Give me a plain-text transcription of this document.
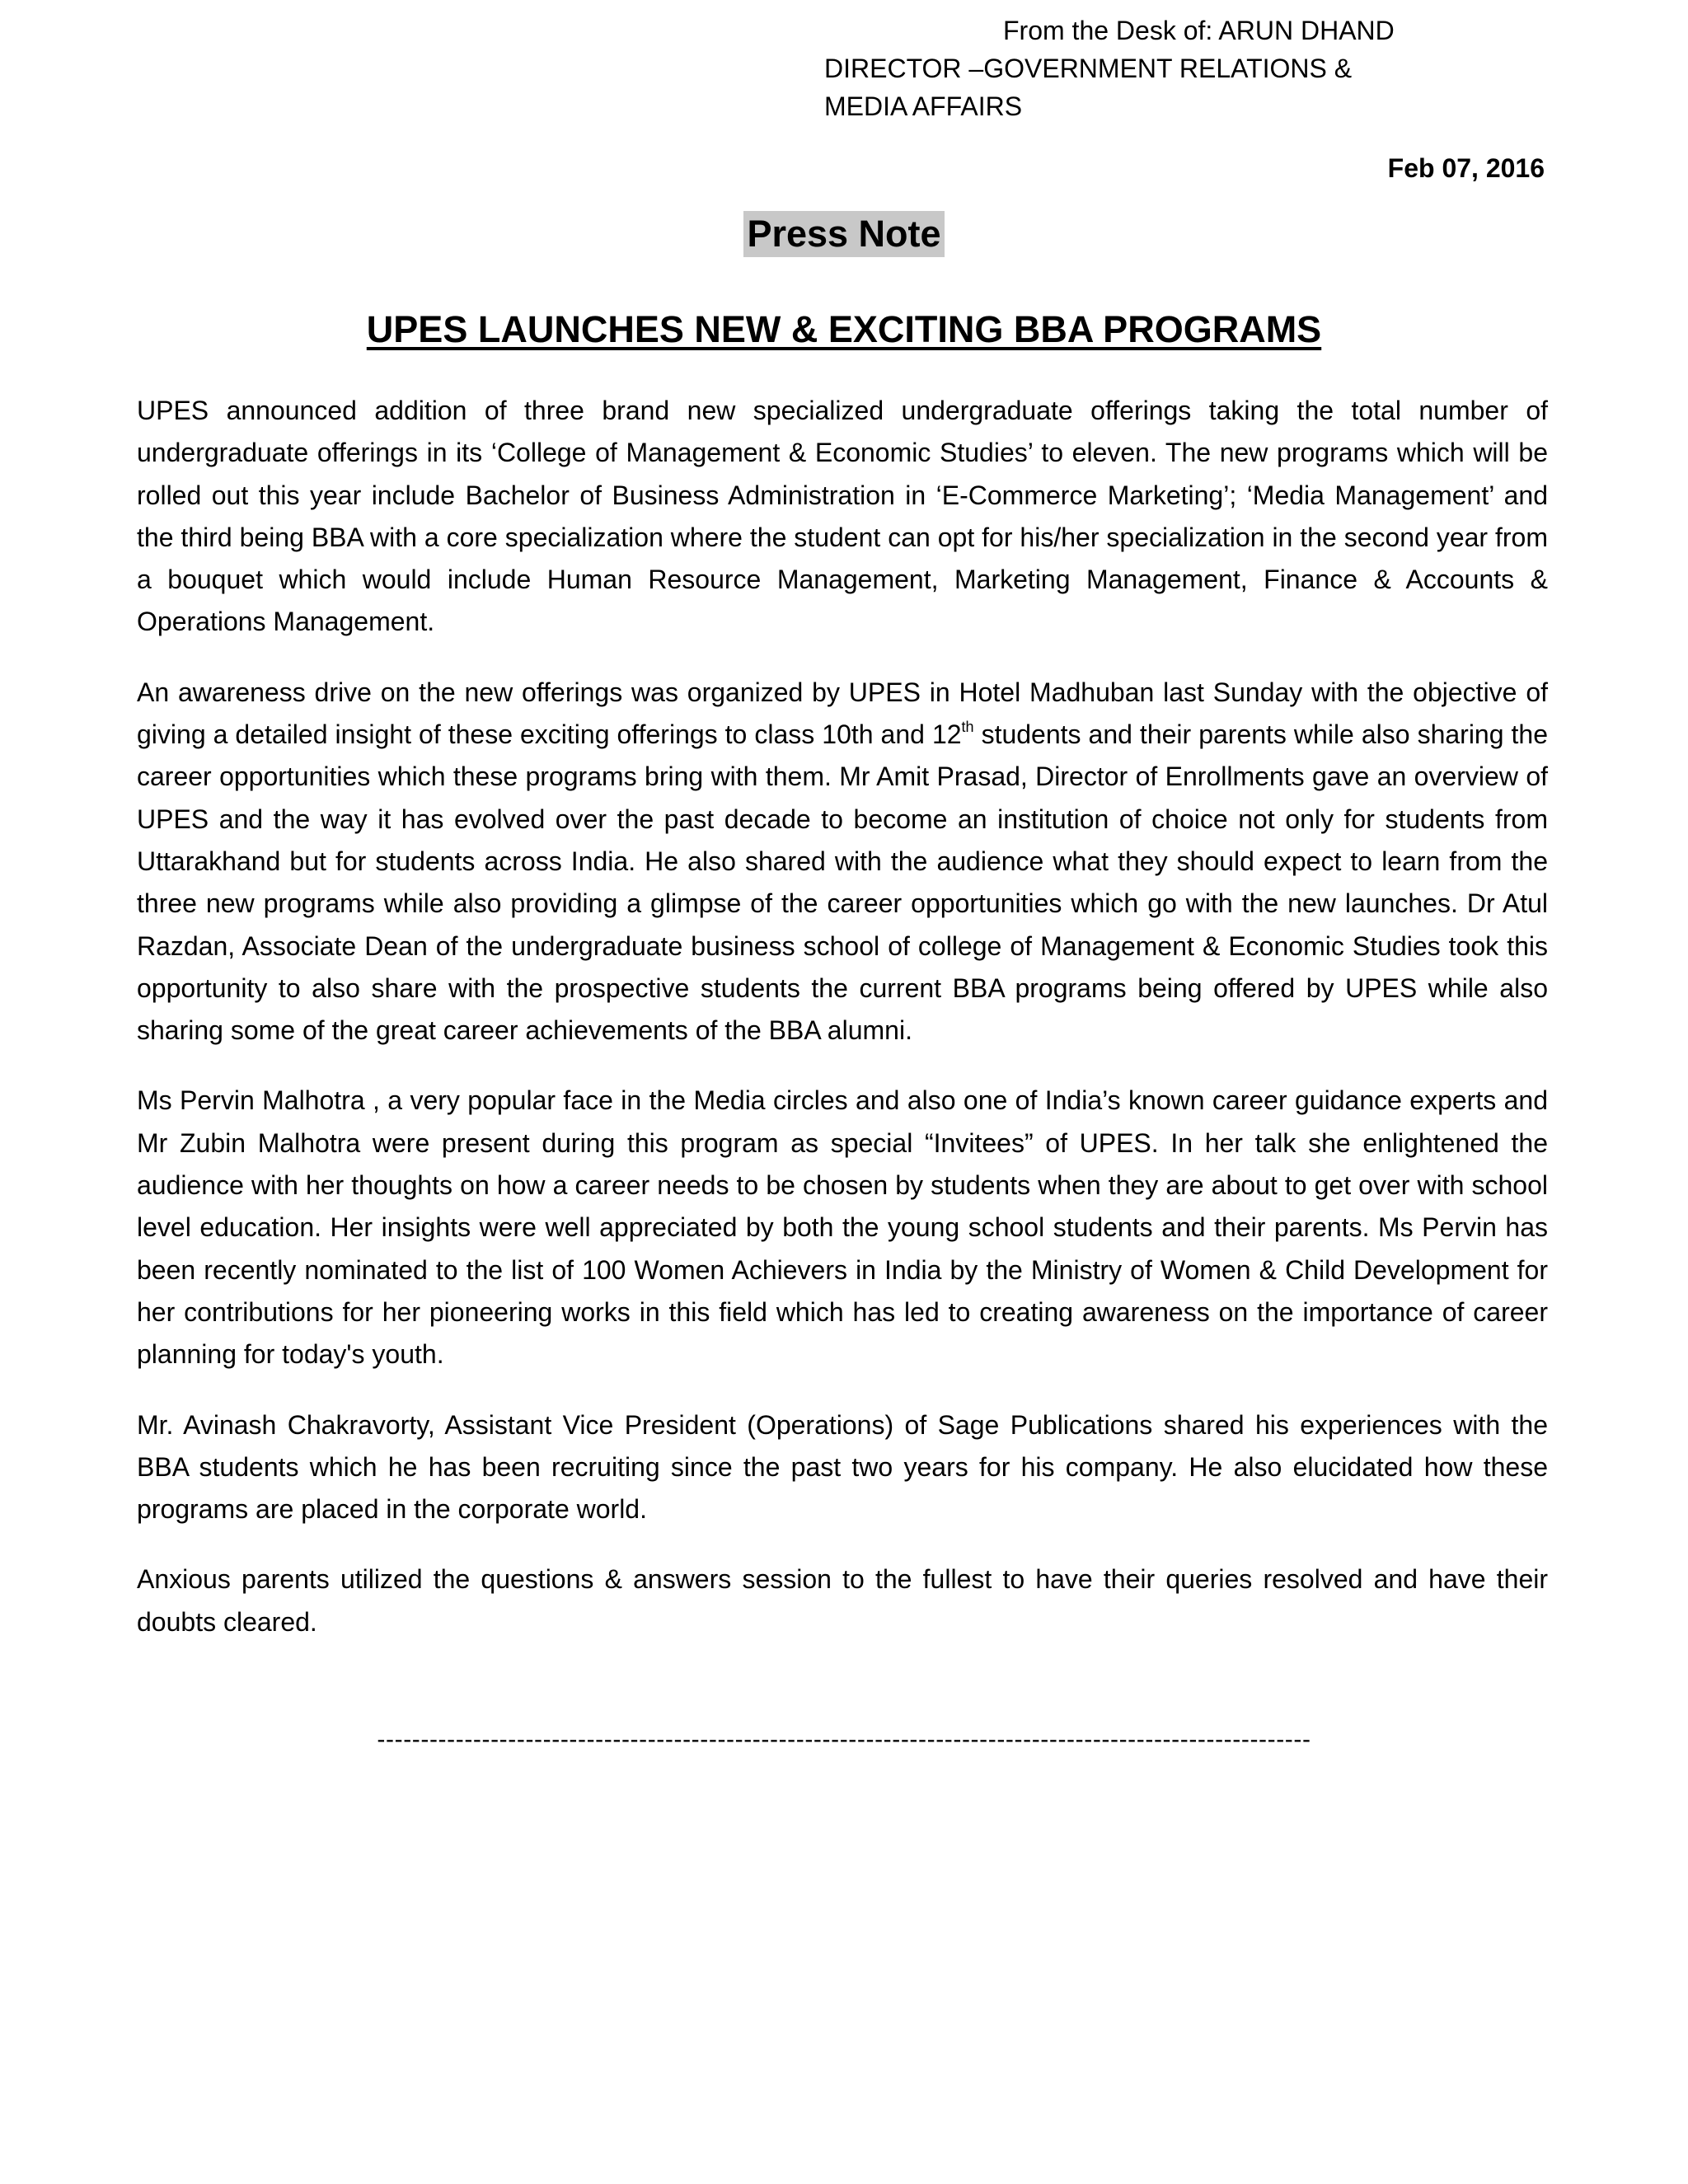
From the Desk of: ARUN DHAND
DIRECTOR –GOVERNMENT RELATIONS & MEDIA AFFAIRS
Feb 07, 2016
Press Note
UPES LAUNCHES NEW & EXCITING BBA PROGRAMS

UPES announced addition of three brand new specialized undergraduate offerings taking the total number of undergraduate offerings in its ‘College of Management & Economic Studies’ to eleven. The new programs which will be rolled out this year include Bachelor of Business Administration in ‘E-Commerce Marketing’; ‘Media Management’ and the third being BBA with a core specialization where the student can opt for his/her specialization in the second year from a bouquet which would include Human Resource Management, Marketing Management, Finance & Accounts & Operations Management.

An awareness drive on the new offerings was organized by UPES in Hotel Madhuban last Sunday with the objective of giving a detailed insight of these exciting offerings to class 10th and 12th students and their parents while also sharing the career opportunities which these programs bring with them. Mr Amit Prasad, Director of Enrollments gave an overview of UPES and the way it has evolved over the past decade to become an institution of choice not only for students from Uttarakhand but for students across India. He also shared with the audience what they should expect to learn from the three new programs while also providing a glimpse of the career opportunities which go with the new launches. Dr Atul Razdan, Associate Dean of the undergraduate business school of college of Management & Economic Studies took this opportunity to also share with the prospective students the current BBA programs being offered by UPES while also sharing some of the great career achievements of the BBA alumni.

Ms Pervin Malhotra , a very popular face in the Media circles and also one of India’s known career guidance experts and Mr Zubin Malhotra were present during this program as special “Invitees” of UPES. In her talk she enlightened the audience with her thoughts on how a career needs to be chosen by students when they are about to get over with school level education. Her insights were well appreciated by both the young school students and their parents. Ms Pervin has been recently nominated to the list of 100 Women Achievers in India by the Ministry of Women & Child Development for her contributions for her pioneering works in this field which has led to creating awareness on the importance of career planning for today's youth.

Mr. Avinash Chakravorty, Assistant Vice President (Operations) of Sage Publications shared his experiences with the BBA students which he has been recruiting since the past two years for his company. He also elucidated how these programs are placed in the corporate world.

Anxious parents utilized the questions & answers session to the fullest to have their queries resolved and have their doubts cleared.

-----------------------------------------------------------------------------------------------------------
